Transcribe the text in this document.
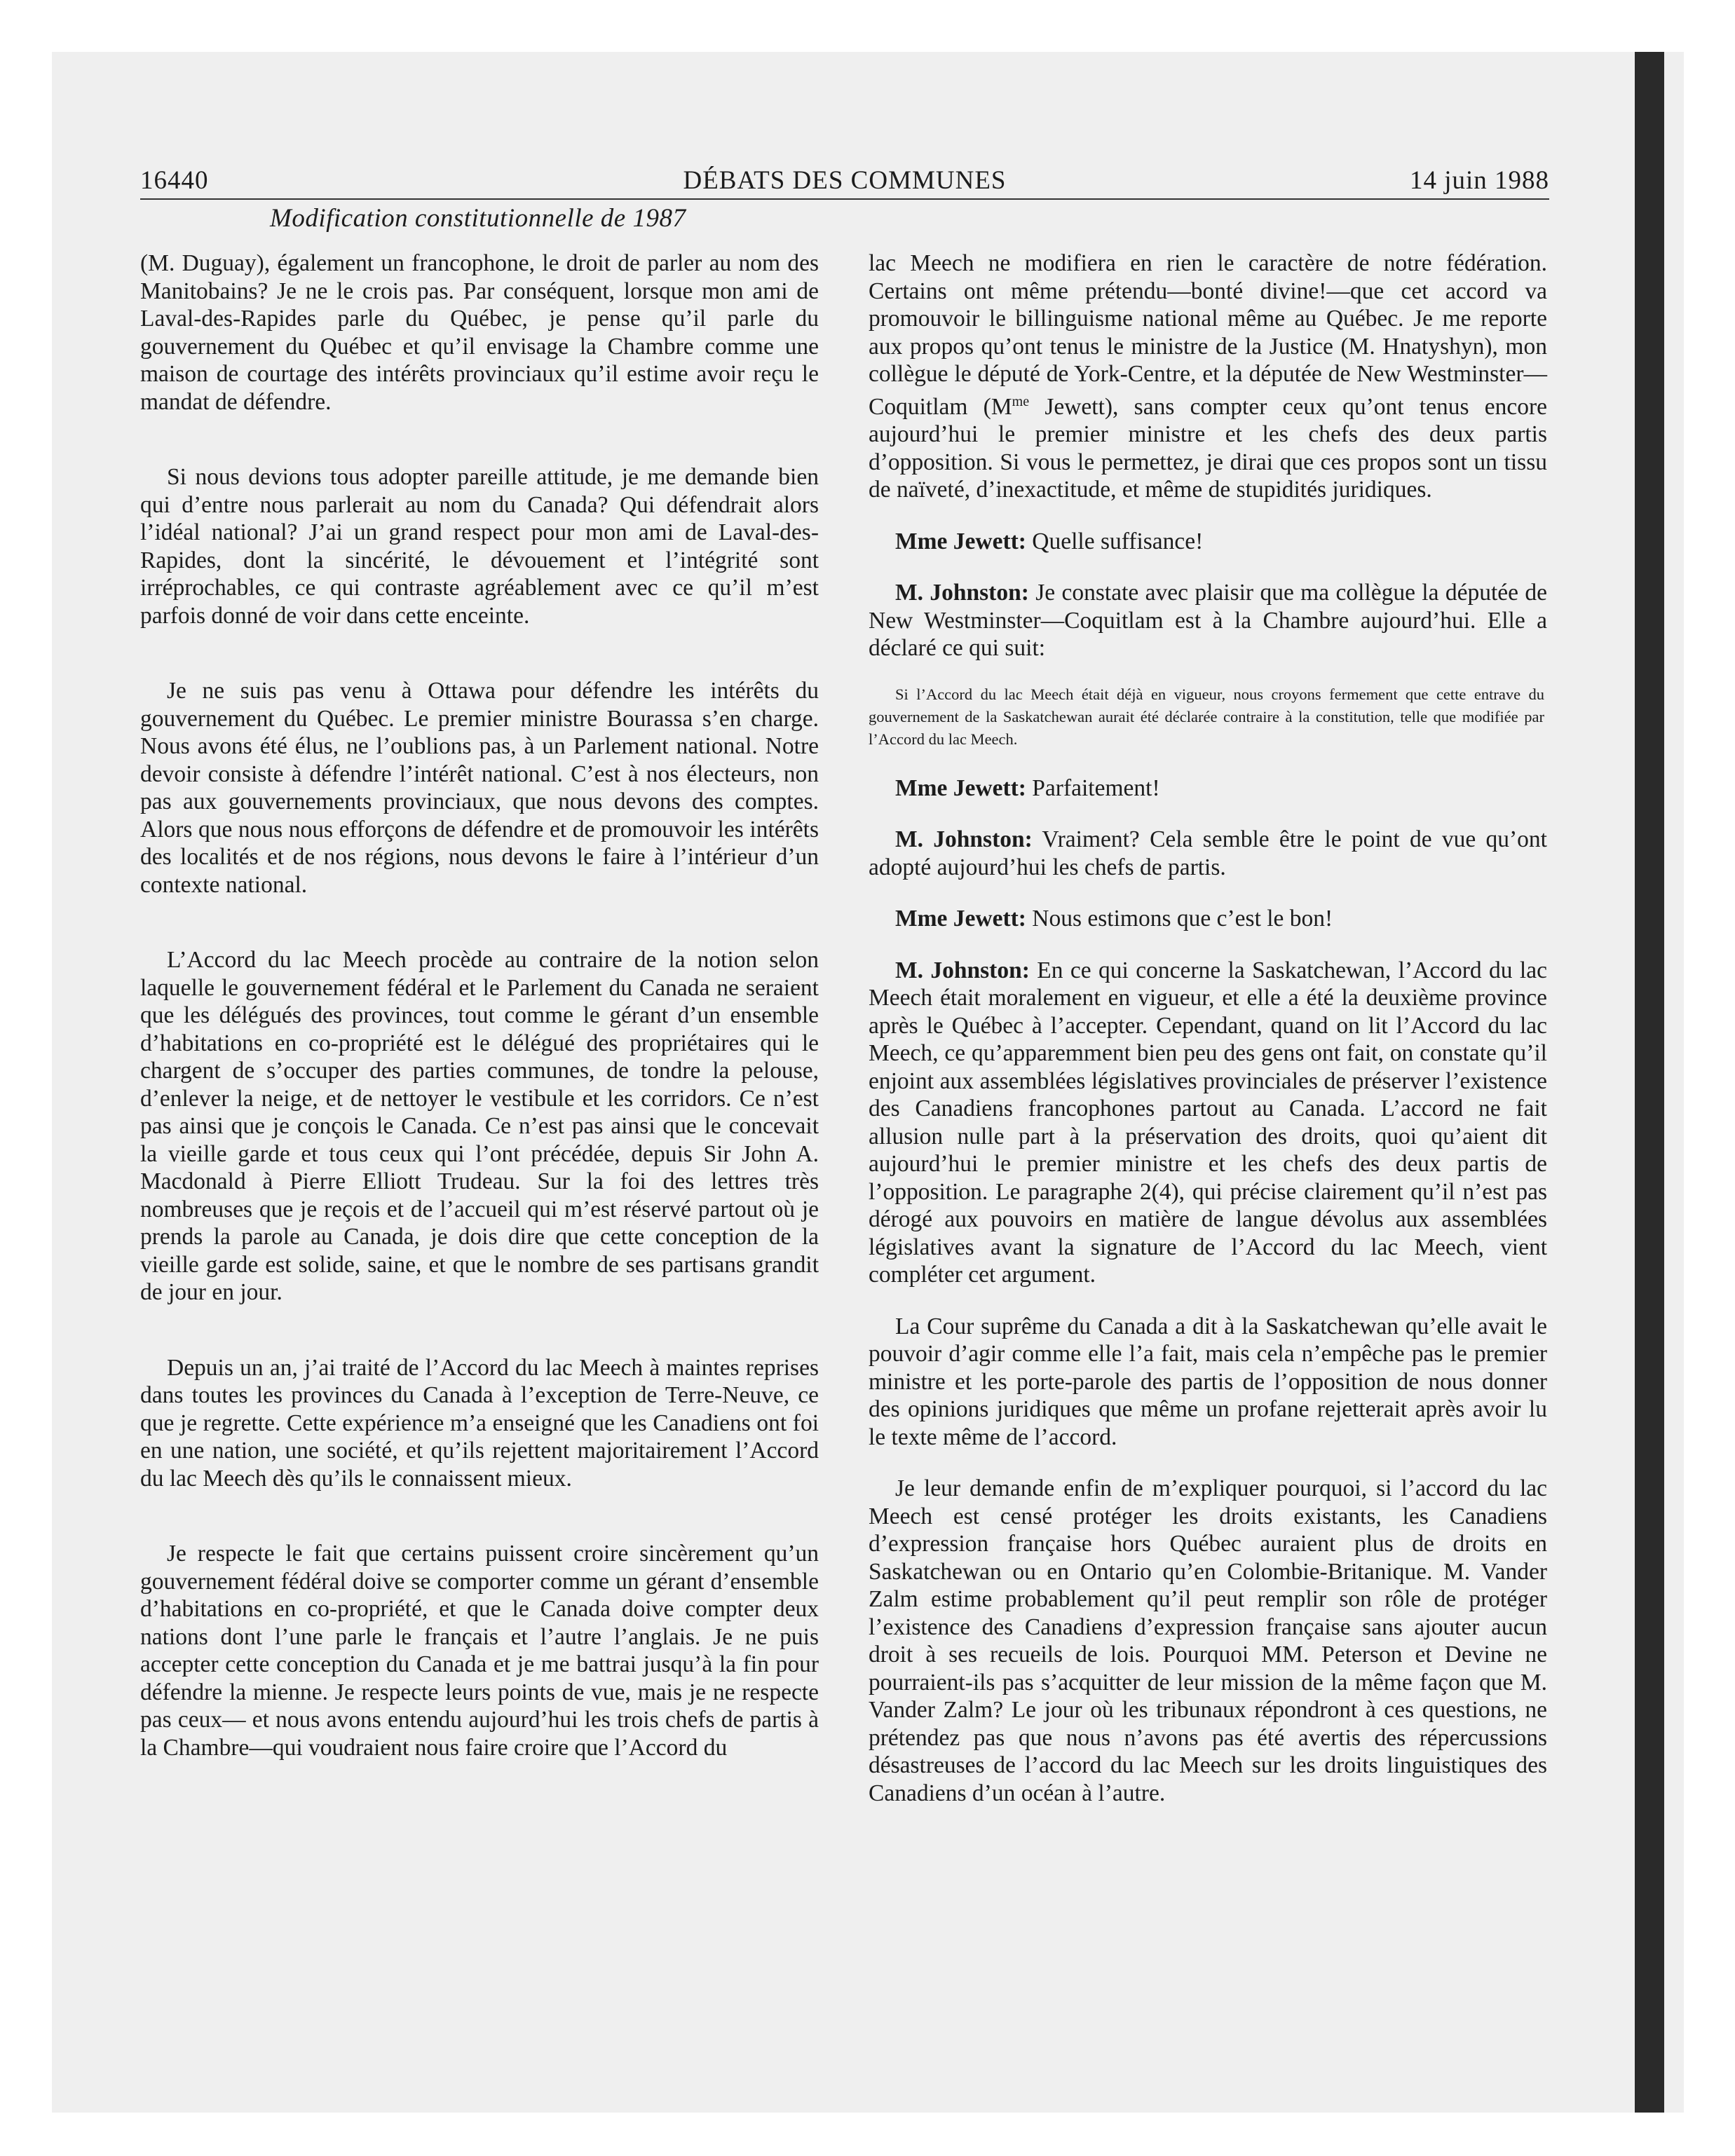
16440	DÉBATS DES COMMUNES	14 juin 1988
Modification constitutionnelle de 1987

(M. Duguay), également un francophone, le droit de parler au nom des Manitobains? Je ne le crois pas. Par conséquent, lorsque mon ami de Laval-des-Rapides parle du Québec, je pense qu’il parle du gouvernement du Québec et qu’il envisage la Chambre comme une maison de courtage des intérêts provinciaux qu’il estime avoir reçu le mandat de défendre.

Si nous devions tous adopter pareille attitude, je me demande bien qui d’entre nous parlerait au nom du Canada? Qui défendrait alors l’idéal national? J’ai un grand respect pour mon ami de Laval-des-Rapides, dont la sincérité, le dévouement et l’intégrité sont irréprochables, ce qui contraste agréablement avec ce qu’il m’est parfois donné de voir dans cette enceinte.

Je ne suis pas venu à Ottawa pour défendre les intérêts du gouvernement du Québec. Le premier ministre Bourassa s’en charge. Nous avons été élus, ne l’oublions pas, à un Parlement national. Notre devoir consiste à défendre l’intérêt national. C’est à nos électeurs, non pas aux gouvernements provinciaux, que nous devons des comptes. Alors que nous nous efforçons de défendre et de promouvoir les intérêts des localités et de nos régions, nous devons le faire à l’intérieur d’un contexte national.

L’Accord du lac Meech procède au contraire de la notion selon laquelle le gouvernement fédéral et le Parlement du Canada ne seraient que les délégués des provinces, tout comme le gérant d’un ensemble d’habitations en co-propriété est le délégué des propriétaires qui le chargent de s’occuper des parties communes, de tondre la pelouse, d’enlever la neige, et de nettoyer le vestibule et les corridors. Ce n’est pas ainsi que je conçois le Canada. Ce n’est pas ainsi que le concevait la vieille garde et tous ceux qui l’ont précédée, depuis Sir John A. Macdonald à Pierre Elliott Trudeau. Sur la foi des lettres très nombreuses que je reçois et de l’accueil qui m’est réservé partout où je prends la parole au Canada, je dois dire que cette conception de la vieille garde est solide, saine, et que le nombre de ses partisans grandit de jour en jour.

Depuis un an, j’ai traité de l’Accord du lac Meech à maintes reprises dans toutes les provinces du Canada à l’exception de Terre-Neuve, ce que je regrette. Cette expérience m’a enseigné que les Canadiens ont foi en une nation, une société, et qu’ils rejettent majoritairement l’Accord du lac Meech dès qu’ils le connaissent mieux.

Je respecte le fait que certains puissent croire sincèrement qu’un gouvernement fédéral doive se comporter comme un gérant d’ensemble d’habitations en co-propriété, et que le Canada doive compter deux nations dont l’une parle le français et l’autre l’anglais. Je ne puis accepter cette conception du Canada et je me battrai jusqu’à la fin pour défendre la mienne. Je respecte leurs points de vue, mais je ne respecte pas ceux— et nous avons entendu aujourd’hui les trois chefs de partis à la Chambre—qui voudraient nous faire croire que l’Accord du

lac Meech ne modifiera en rien le caractère de notre fédération. Certains ont même prétendu—bonté divine!—que cet accord va promouvoir le billinguisme national même au Québec. Je me reporte aux propos qu’ont tenus le ministre de la Justice (M. Hnatyshyn), mon collègue le député de York-Centre, et la députée de New Westminster—Coquitlam ($M^{me}$ Jewett), sans compter ceux qu’ont tenus encore aujourd’hui le premier ministre et les chefs des deux partis d’opposition. Si vous le permettez, je dirai que ces propos sont un tissu de naïveté, d’inexactitude, et même de stupidités juridiques.

Mme Jewett: Quelle suffisance!

M. Johnston: Je constate avec plaisir que ma collègue la députée de New Westminster—Coquitlam est à la Chambre aujourd’hui. Elle a déclaré ce qui suit:

Si l’Accord du lac Meech était déjà en vigueur, nous croyons fermement que cette entrave du gouvernement de la Saskatchewan aurait été déclarée contraire à la constitution, telle que modifiée par l’Accord du lac Meech.

Mme Jewett: Parfaitement!

M. Johnston: Vraiment? Cela semble être le point de vue qu’ont adopté aujourd’hui les chefs de partis.

Mme Jewett: Nous estimons que c’est le bon!

M. Johnston: En ce qui concerne la Saskatchewan, l’Accord du lac Meech était moralement en vigueur, et elle a été la deuxième province après le Québec à l’accepter. Cependant, quand on lit l’Accord du lac Meech, ce qu’apparemment bien peu des gens ont fait, on constate qu’il enjoint aux assemblées législatives provinciales de préserver l’existence des Canadiens francophones partout au Canada. L’accord ne fait allusion nulle part à la préservation des droits, quoi qu’aient dit aujourd’hui le premier ministre et les chefs des deux partis de l’opposition. Le paragraphe 2(4), qui précise clairement qu’il n’est pas dérogé aux pouvoirs en matière de langue dévolus aux assemblées législatives avant la signature de l’Accord du lac Meech, vient compléter cet argument.

La Cour suprême du Canada a dit à la Saskatchewan qu’elle avait le pouvoir d’agir comme elle l’a fait, mais cela n’empêche pas le premier ministre et les porte-parole des partis de l’opposition de nous donner des opinions juridiques que même un profane rejetterait après avoir lu le texte même de l’accord.

Je leur demande enfin de m’expliquer pourquoi, si l’accord du lac Meech est censé protéger les droits existants, les Canadiens d’expression française hors Québec auraient plus de droits en Saskatchewan ou en Ontario qu’en Colombie-Britanique. M. Vander Zalm estime probablement qu’il peut remplir son rôle de protéger l’existence des Canadiens d’expression française sans ajouter aucun droit à ses recueils de lois. Pourquoi MM. Peterson et Devine ne pourraient-ils pas s’acquitter de leur mission de la même façon que M. Vander Zalm? Le jour où les tribunaux répondront à ces questions, ne prétendez pas que nous n’avons pas été avertis des répercussions désastreuses de l’accord du lac Meech sur les droits linguistiques des Canadiens d’un océan à l’autre.
